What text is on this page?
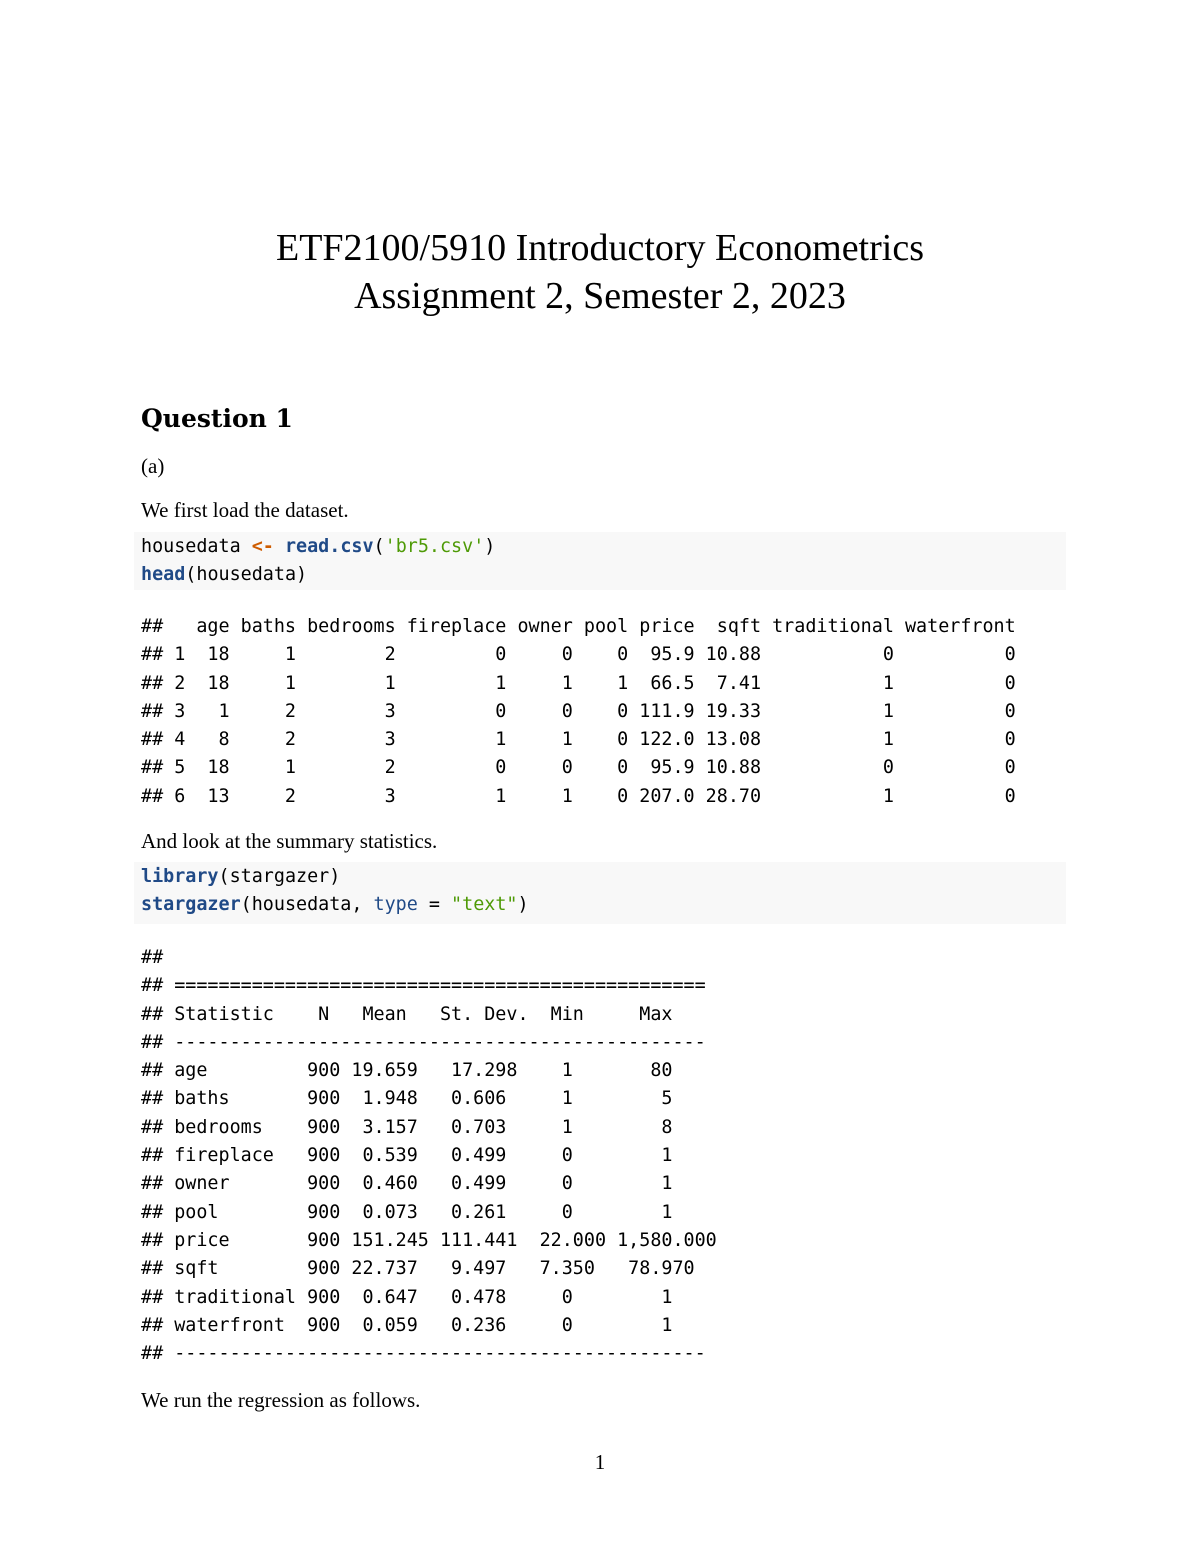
ETF2100/5910 Introductory Econometrics
Assignment 2, Semester 2, 2023
Question 1
(a)
We first load the dataset.
housedata <- read.csv('br5.csv')
head(housedata)
##   age baths bedrooms fireplace owner pool price  sqft traditional waterfront
## 1  18     1        2         0     0    0  95.9 10.88           0          0
## 2  18     1        1         1     1    1  66.5  7.41           1          0
## 3   1     2        3         0     0    0 111.9 19.33           1          0
## 4   8     2        3         1     1    0 122.0 13.08           1          0
## 5  18     1        2         0     0    0  95.9 10.88           0          0
## 6  13     2        3         1     1    0 207.0 28.70           1          0
And look at the summary statistics.
library(stargazer)
stargazer(housedata, type = "text")
##
## ================================================
## Statistic    N   Mean   St. Dev.  Min     Max
## ------------------------------------------------
## age         900 19.659   17.298    1       80
## baths       900  1.948   0.606     1        5
## bedrooms    900  3.157   0.703     1        8
## fireplace   900  0.539   0.499     0        1
## owner       900  0.460   0.499     0        1
## pool        900  0.073   0.261     0        1
## price       900 151.245 111.441  22.000 1,580.000
## sqft        900 22.737   9.497   7.350   78.970
## traditional 900  0.647   0.478     0        1
## waterfront  900  0.059   0.236     0        1
## ------------------------------------------------
We run the regression as follows.
1
